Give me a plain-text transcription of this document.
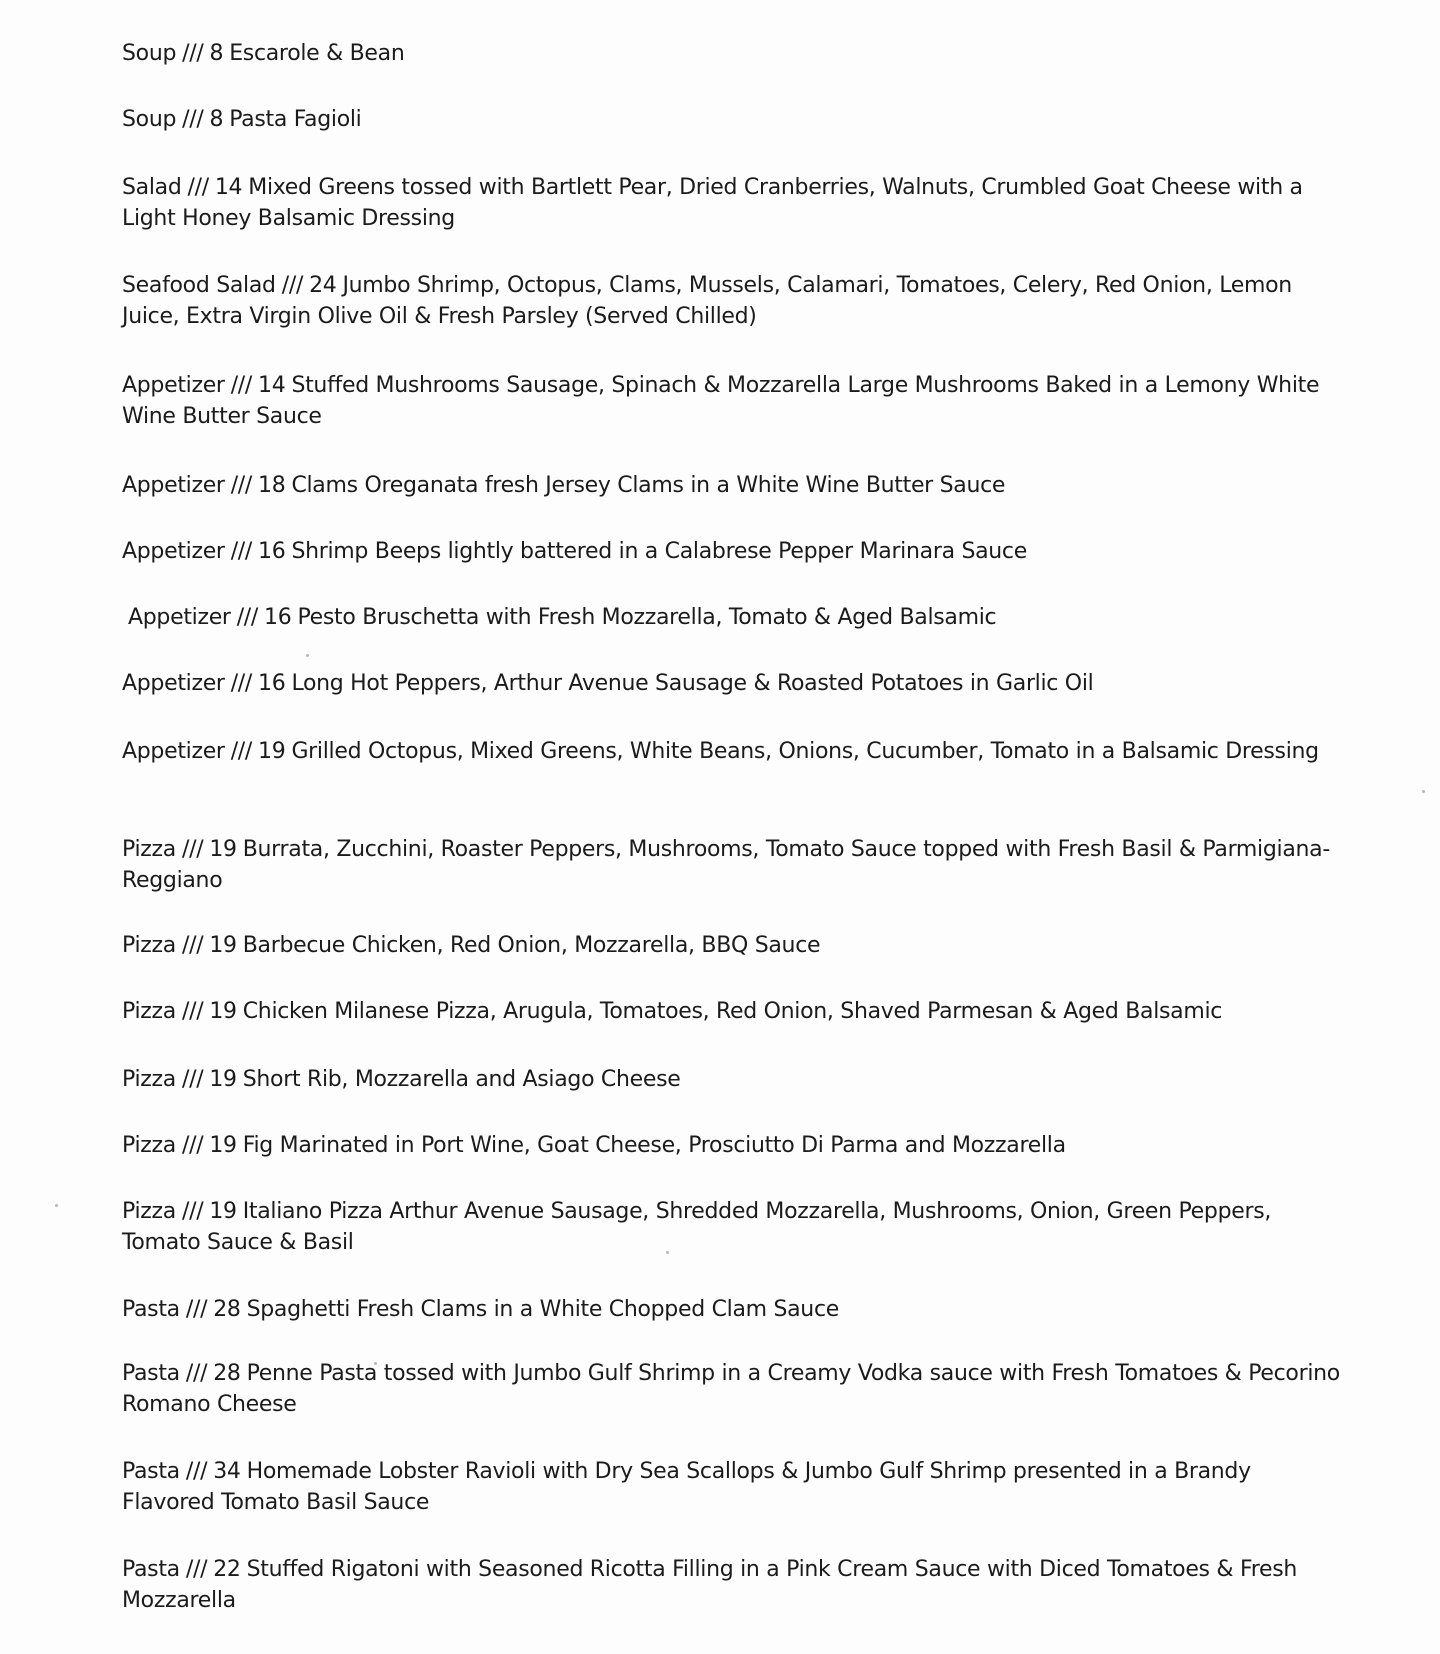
Soup /// 8 Escarole & Bean
Soup /// 8 Pasta Fagioli
Salad /// 14 Mixed Greens tossed with Bartlett Pear, Dried Cranberries, Walnuts, Crumbled Goat Cheese with a Light Honey Balsamic Dressing
Seafood Salad /// 24 Jumbo Shrimp, Octopus, Clams, Mussels, Calamari, Tomatoes, Celery, Red Onion, Lemon Juice, Extra Virgin Olive Oil & Fresh Parsley (Served Chilled)
Appetizer /// 14 Stuffed Mushrooms Sausage, Spinach & Mozzarella Large Mushrooms Baked in a Lemony White Wine Butter Sauce
Appetizer /// 18 Clams Oreganata fresh Jersey Clams in a White Wine Butter Sauce
Appetizer /// 16 Shrimp Beeps lightly battered in a Calabrese Pepper Marinara Sauce
Appetizer /// 16 Pesto Bruschetta with Fresh Mozzarella, Tomato & Aged Balsamic
Appetizer /// 16 Long Hot Peppers, Arthur Avenue Sausage & Roasted Potatoes in Garlic Oil
Appetizer /// 19 Grilled Octopus, Mixed Greens, White Beans, Onions, Cucumber, Tomato in a Balsamic Dressing
Pizza /// 19 Burrata, Zucchini, Roaster Peppers, Mushrooms, Tomato Sauce topped with Fresh Basil & Parmigiana-Reggiano
Pizza /// 19 Barbecue Chicken, Red Onion, Mozzarella, BBQ Sauce
Pizza /// 19 Chicken Milanese Pizza, Arugula, Tomatoes, Red Onion, Shaved Parmesan & Aged Balsamic
Pizza /// 19 Short Rib, Mozzarella and Asiago Cheese
Pizza /// 19 Fig Marinated in Port Wine, Goat Cheese, Prosciutto Di Parma and Mozzarella
Pizza /// 19 Italiano Pizza Arthur Avenue Sausage, Shredded Mozzarella, Mushrooms, Onion, Green Peppers, Tomato Sauce & Basil
Pasta /// 28 Spaghetti Fresh Clams in a White Chopped Clam Sauce
Pasta /// 28 Penne Pasta tossed with Jumbo Gulf Shrimp in a Creamy Vodka sauce with Fresh Tomatoes & Pecorino Romano Cheese
Pasta /// 34 Homemade Lobster Ravioli with Dry Sea Scallops & Jumbo Gulf Shrimp presented in a Brandy Flavored Tomato Basil Sauce
Pasta /// 22 Stuffed Rigatoni with Seasoned Ricotta Filling in a Pink Cream Sauce with Diced Tomatoes & Fresh Mozzarella
